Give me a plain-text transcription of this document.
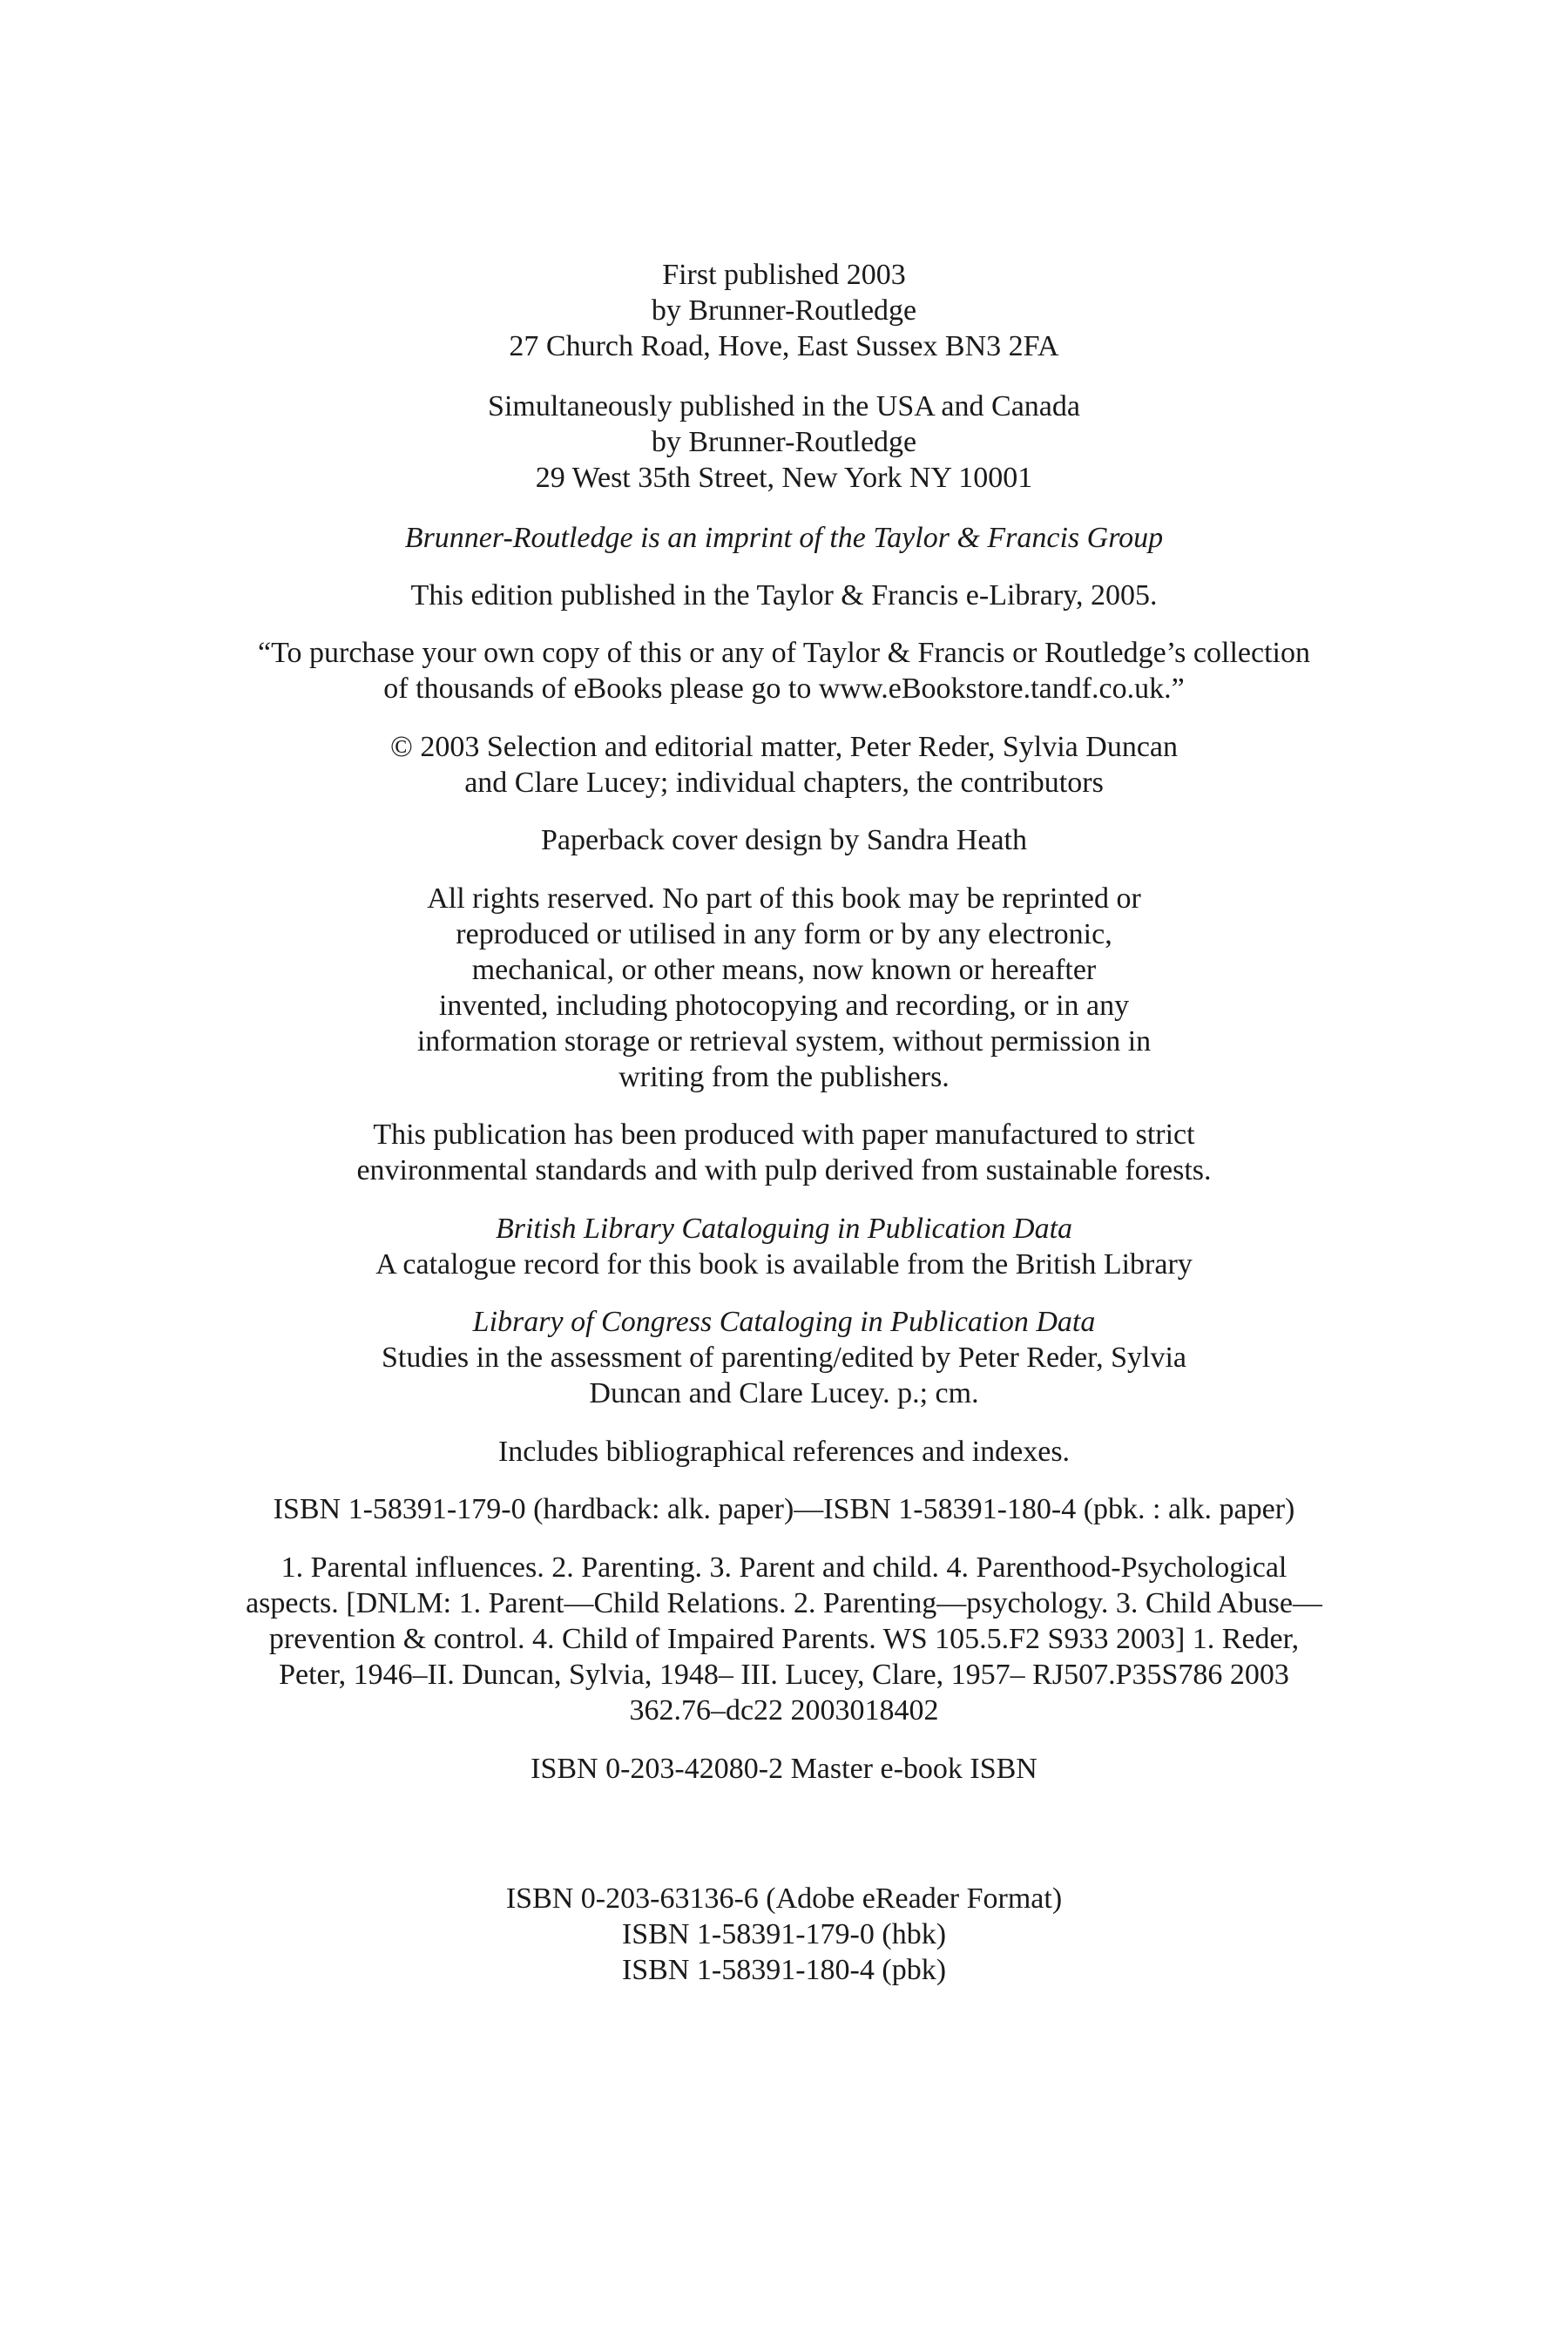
First published 2003
by Brunner-Routledge
27 Church Road, Hove, East Sussex BN3 2FA
Simultaneously published in the USA and Canada
by Brunner-Routledge
29 West 35th Street, New York NY 10001
Brunner-Routledge is an imprint of the Taylor & Francis Group
This edition published in the Taylor & Francis e-Library, 2005.
“To purchase your own copy of this or any of Taylor & Francis or Routledge’s collection
of thousands of eBooks please go to www.eBookstore.tandf.co.uk.”
© 2003 Selection and editorial matter, Peter Reder, Sylvia Duncan
and Clare Lucey; individual chapters, the contributors
Paperback cover design by Sandra Heath
All rights reserved. No part of this book may be reprinted or
reproduced or utilised in any form or by any electronic,
mechanical, or other means, now known or hereafter
invented, including photocopying and recording, or in any
information storage or retrieval system, without permission in
writing from the publishers.
This publication has been produced with paper manufactured to strict
environmental standards and with pulp derived from sustainable forests.
British Library Cataloguing in Publication Data
A catalogue record for this book is available from the British Library
Library of Congress Cataloging in Publication Data
Studies in the assessment of parenting/edited by Peter Reder, Sylvia
Duncan and Clare Lucey. p.; cm.
Includes bibliographical references and indexes.
ISBN 1-58391-179-0 (hardback: alk. paper)—ISBN 1-58391-180-4 (pbk. : alk. paper)
1. Parental influences. 2. Parenting. 3. Parent and child. 4. Parenthood-Psychological
aspects. [DNLM: 1. Parent—Child Relations. 2. Parenting—psychology. 3. Child Abuse—
prevention & control. 4. Child of Impaired Parents. WS 105.5.F2 S933 2003] 1. Reder,
Peter, 1946–II. Duncan, Sylvia, 1948– III. Lucey, Clare, 1957– RJ507.P35S786 2003
362.76–dc22 2003018402
ISBN 0-203-42080-2 Master e-book ISBN
ISBN 0-203-63136-6 (Adobe eReader Format)
ISBN 1-58391-179-0 (hbk)
ISBN 1-58391-180-4 (pbk)
